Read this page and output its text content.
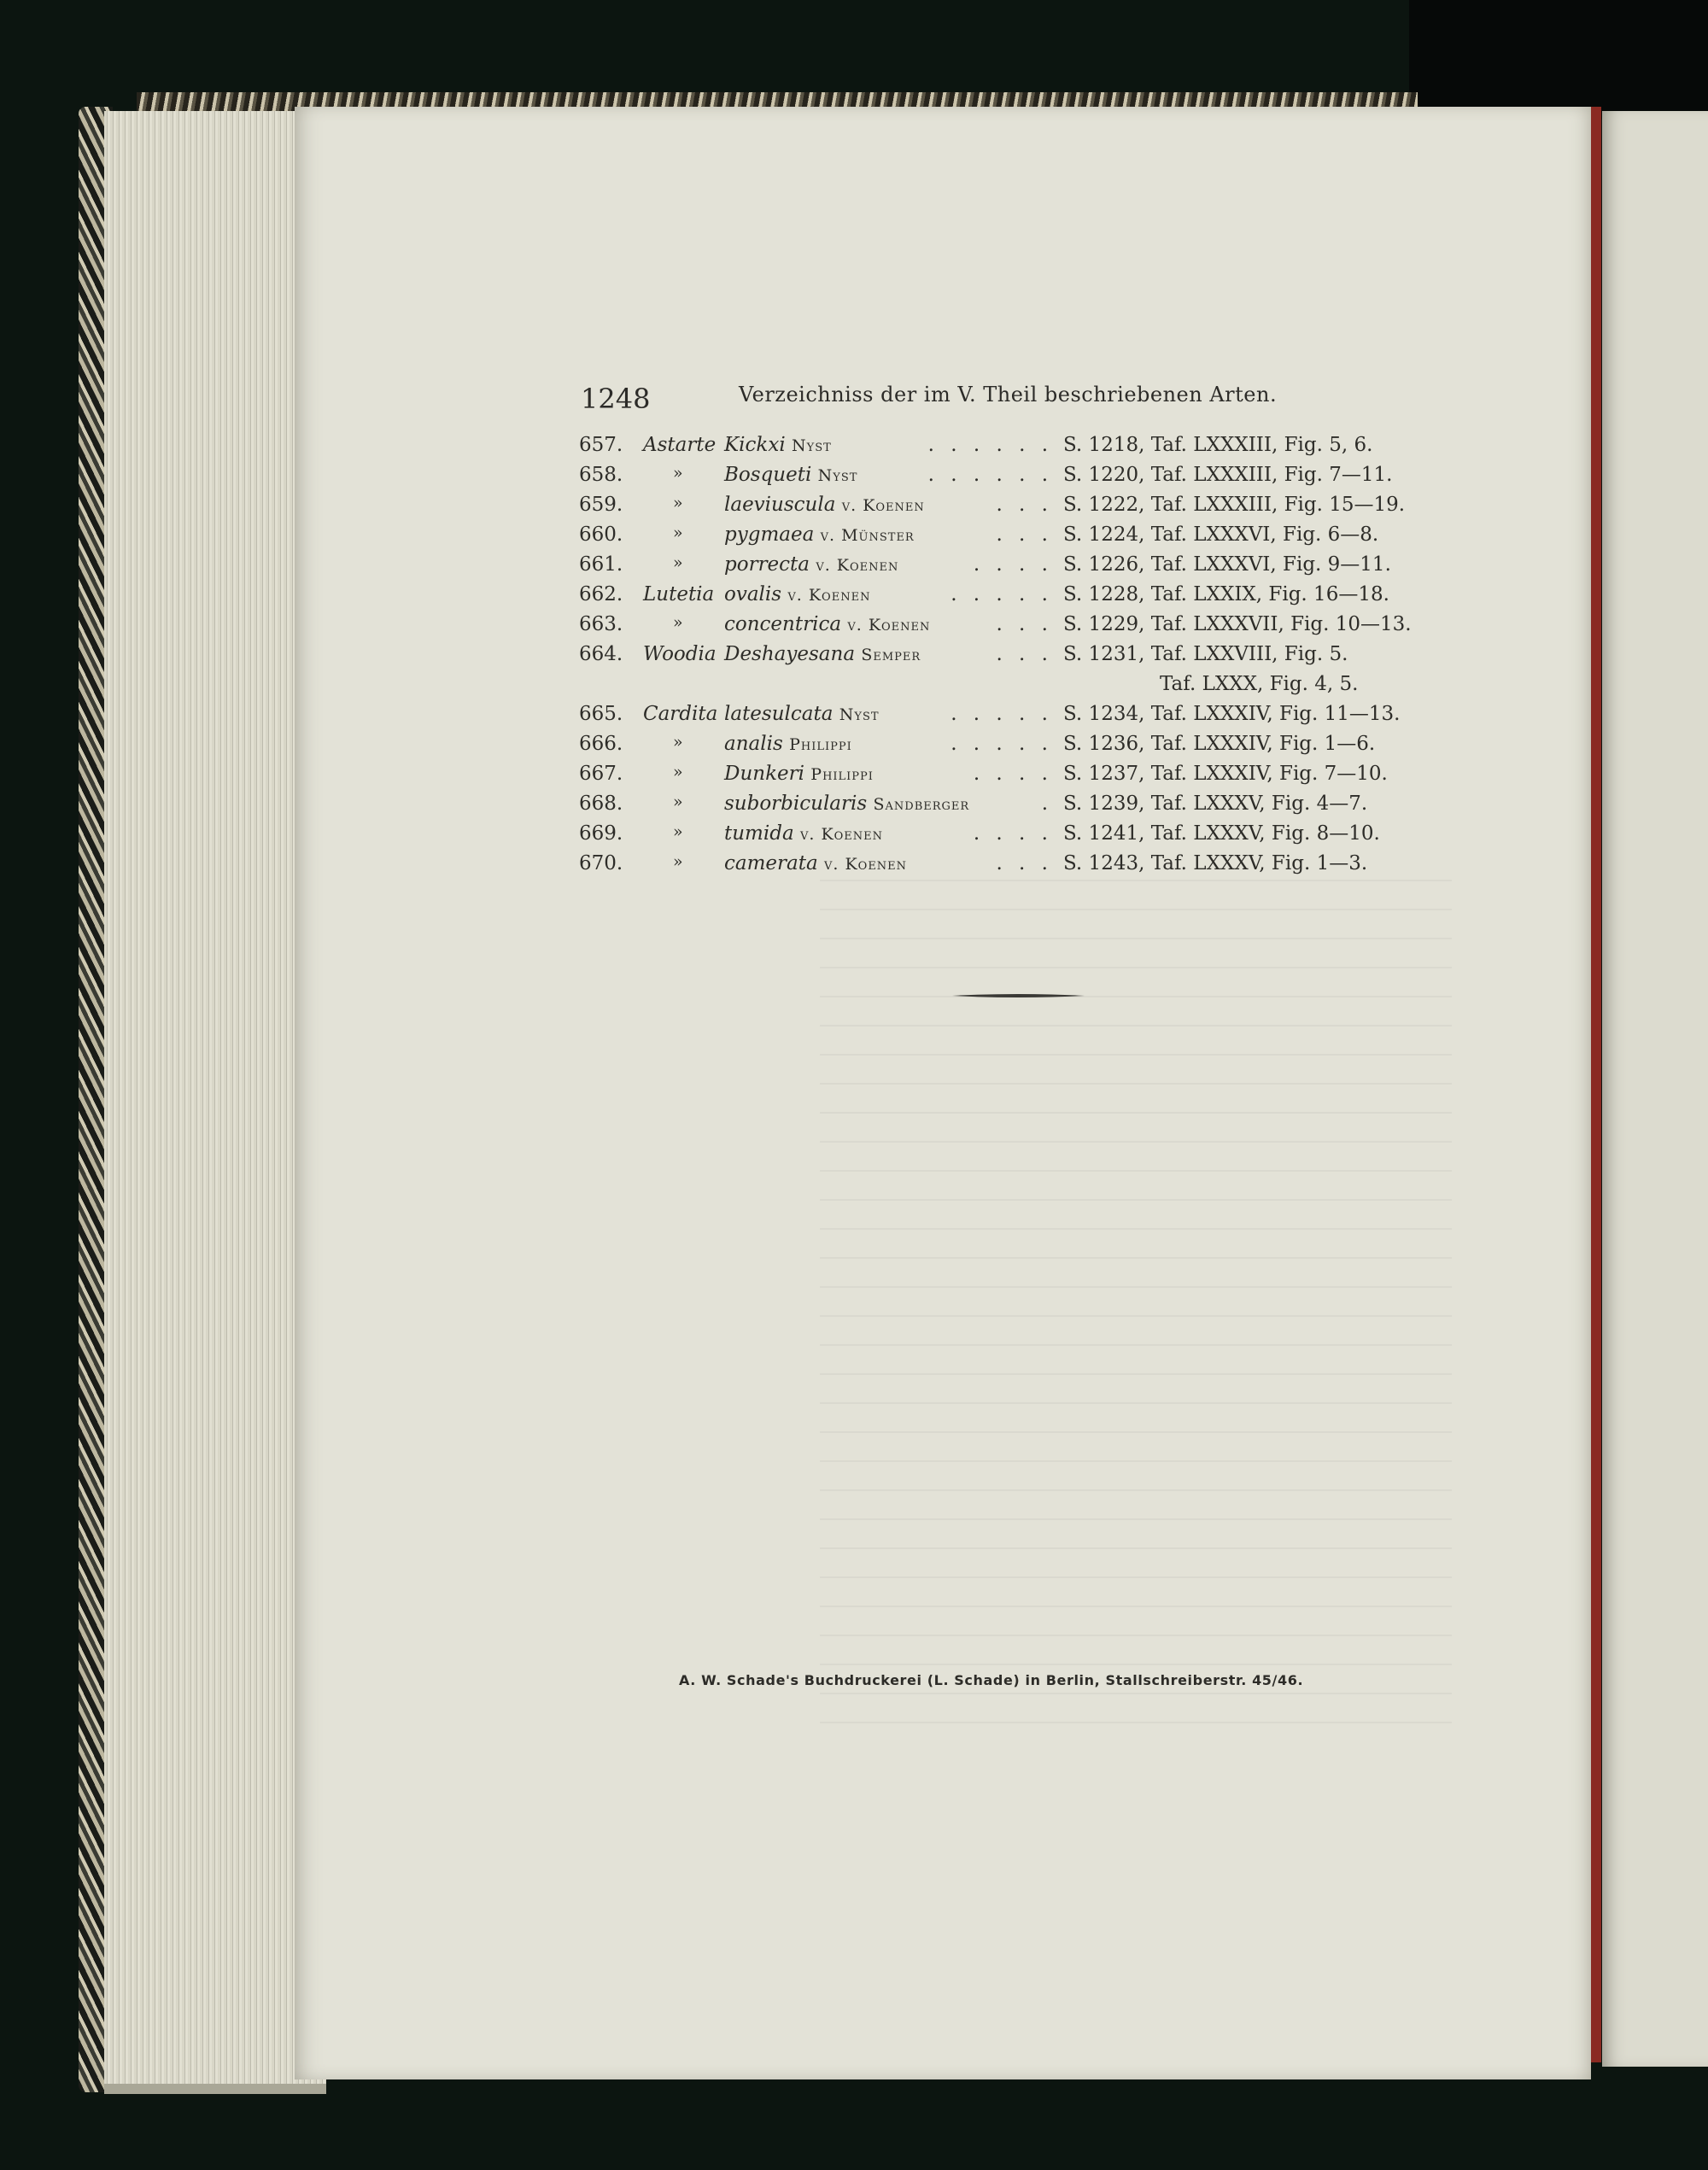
1248	Verzeichniss der im V. Theil beschriebenen Arten.
657.	Astarte Kickxi Nyst	. . . . . . S. 1218, Taf. LXXXIII, Fig. 5, 6.
658.	» Bosqueti Nyst	. . . . . . S. 1220, Taf. LXXXIII, Fig. 7—11.
659.	» laeviuscula v. Koenen	. . . S. 1222, Taf. LXXXIII, Fig. 15—19.
660.	» pygmaea v. Münster	. . . S. 1224, Taf. LXXXVI, Fig. 6—8.
661.	» porrecta v. Koenen	. . . . S. 1226, Taf. LXXXVI, Fig. 9—11.
662.	Lutetia ovalis v. Koenen	. . . . . S. 1228, Taf. LXXIX, Fig. 16—18.
663.	» concentrica v. Koenen	. . . S. 1229, Taf. LXXXVII, Fig. 10—13.
664.	Woodia Deshayesana Semper	. . . S. 1231, Taf. LXXVIII, Fig. 5.
Taf. LXXX, Fig. 4, 5.
665.	Cardita latesulcata Nyst	. . . . . S. 1234, Taf. LXXXIV, Fig. 11—13.
666.	» analis Philippi	. . . . . S. 1236, Taf. LXXXIV, Fig. 1—6.
667.	» Dunkeri Philippi	. . . . S. 1237, Taf. LXXXIV, Fig. 7—10.
668.	» suborbicularis Sandberger	. S. 1239, Taf. LXXXV, Fig. 4—7.
669.	» tumida v. Koenen	. . . . S. 1241, Taf. LXXXV, Fig. 8—10.
670.	» camerata v. Koenen	. . . S. 1243, Taf. LXXXV, Fig. 1—3.
A. W. Schade's Buchdruckerei (L. Schade) in Berlin, Stallschreiberstr. 45/46.
